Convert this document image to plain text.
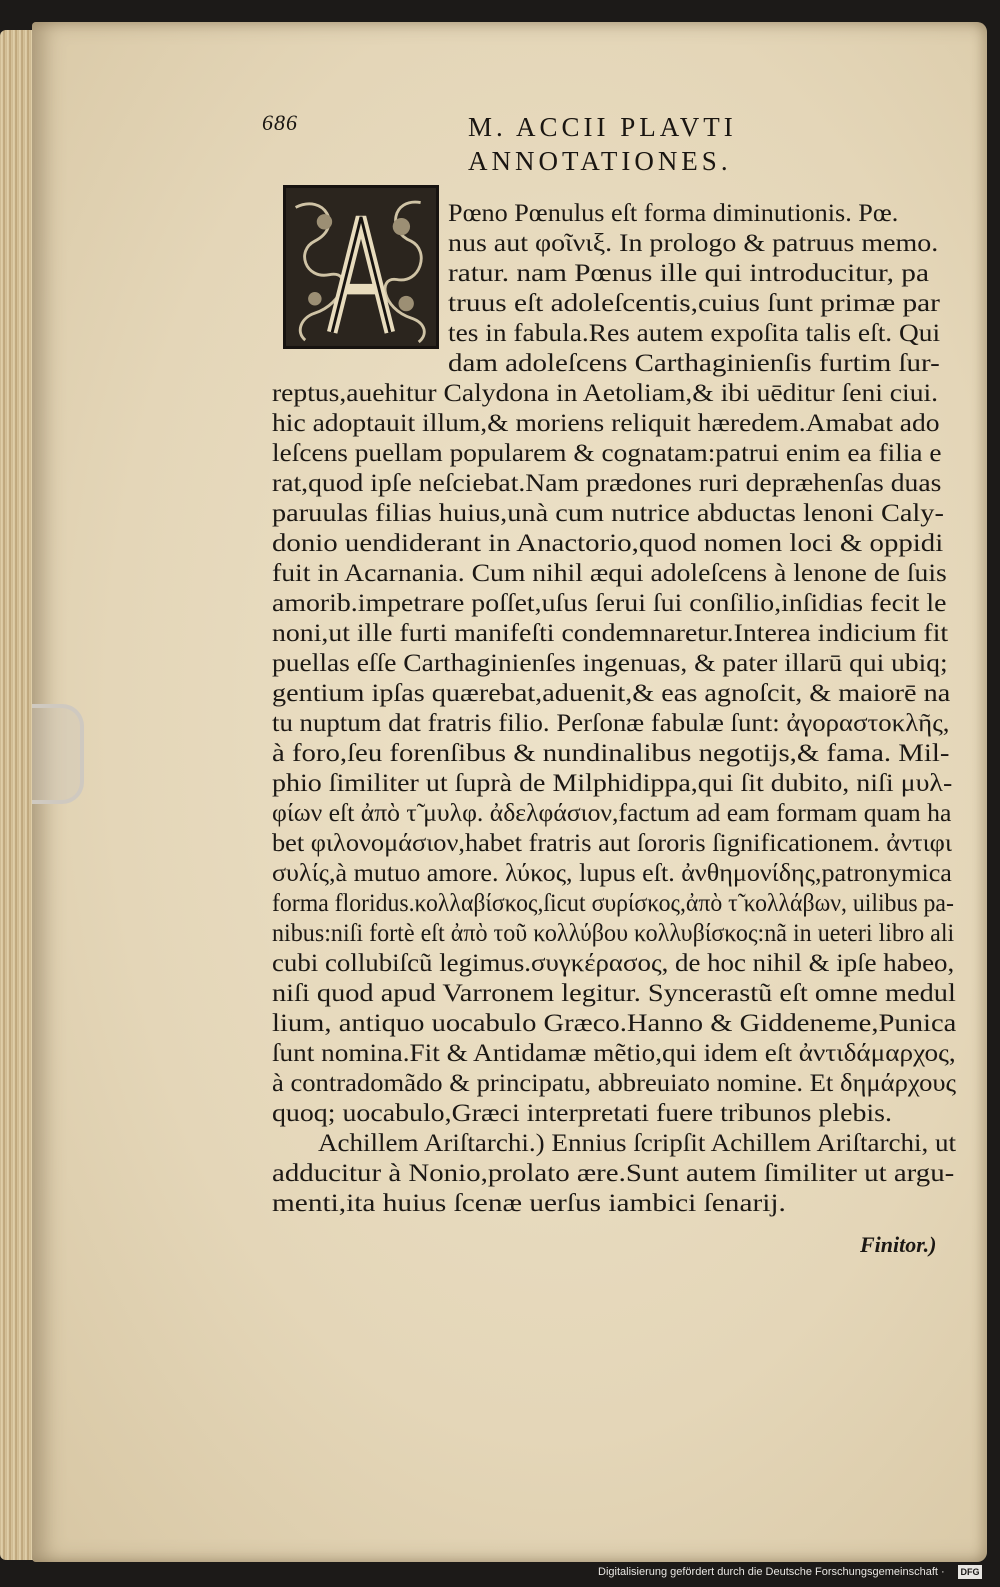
686	M. ACCII PLAVTI
ANNOTATIONES.
Pœno Pœnulus eſt forma diminutionis. Pœ.
nus aut φοῖνιξ. In prologo & patruus memo.
ratur. nam Pœnus ille qui introducitur, pa
truus eſt adoleſcentis,cuius ſunt primæ par
tes in fabula.Res autem expoſita talis eſt. Qui
dam adoleſcens Carthaginienſis furtim ſur-
reptus,auehitur Calydona in Aetoliam,& ibi uēditur ſeni ciui.
hic adoptauit illum,& moriens reliquit hæredem.Amabat ado
leſcens puellam popularem & cognatam:patrui enim ea filia e
rat,quod ipſe neſciebat.Nam prædones ruri depræhenſas duas
paruulas filias huius,unà cum nutrice abductas lenoni Caly-
donio uendiderant in Anactorio,quod nomen loci & oppidi
fuit in Acarnania. Cum nihil æqui adoleſcens à lenone de ſuis
amorib.impetrare poſſet,uſus ſerui ſui conſilio,inſidias fecit le
noni,ut ille furti manifeſti condemnaretur.Interea indicium fit
puellas eſſe Carthaginienſes ingenuas, & pater illarū qui ubiq;
gentium ipſas quærebat,aduenit,& eas agnoſcit, & maiorē na
tu nuptum dat fratris filio. Perſonæ fabulæ ſunt: ἀγοραστοκλῆς,
à foro,ſeu forenſibus & nundinalibus negotijs,& fama. Mil-
phio ſimiliter ut ſuprà de Milphidippa,qui ſit dubito, niſi μυλ-
φίων eſt ἀπὸ τ̃ μυλφ. ἀδελφάσιον,factum ad eam formam quam ha
bet φιλονομάσιον,habet fratris aut ſororis ſignificationem. ἀντιφι
συλίς,à mutuo amore. λύκος, lupus eſt. ἀνθημονίδης,patronymica
forma floridus.κολλαβίσκος,ſicut συρίσκος,ἀπὸ τ̃ κολλάβων, uilibus pa-
nibus:niſi fortè eſt ἀπὸ τοῦ κολλύβου κολλυβίσκος:nã in ueteri libro ali
cubi collubiſcũ legimus.συγκέρασος, de hoc nihil & ipſe habeo,
niſi quod apud Varronem legitur. Syncerastũ eſt omne medul
lium, antiquo uocabulo Græco.Hanno & Giddeneme,Punica
ſunt nomina.Fit & Antidamæ mẽtio,qui idem eſt ἀντιδάμαρχος,
à contradomãdo & principatu, abbreuiato nomine. Et δημάρχους
quoq; uocabulo,Græci interpretati fuere tribunos plebis.
Achillem Ariſtarchi.) Ennius ſcripſit Achillem Ariſtarchi, ut
adducitur à Nonio,prolato ære.Sunt autem ſimiliter ut argu-
menti,ita huius ſcenæ uerſus iambici ſenarij.
Finitor.)
Digitalisierung gefördert durch die Deutsche Forschungsgemeinschaft · DFG
